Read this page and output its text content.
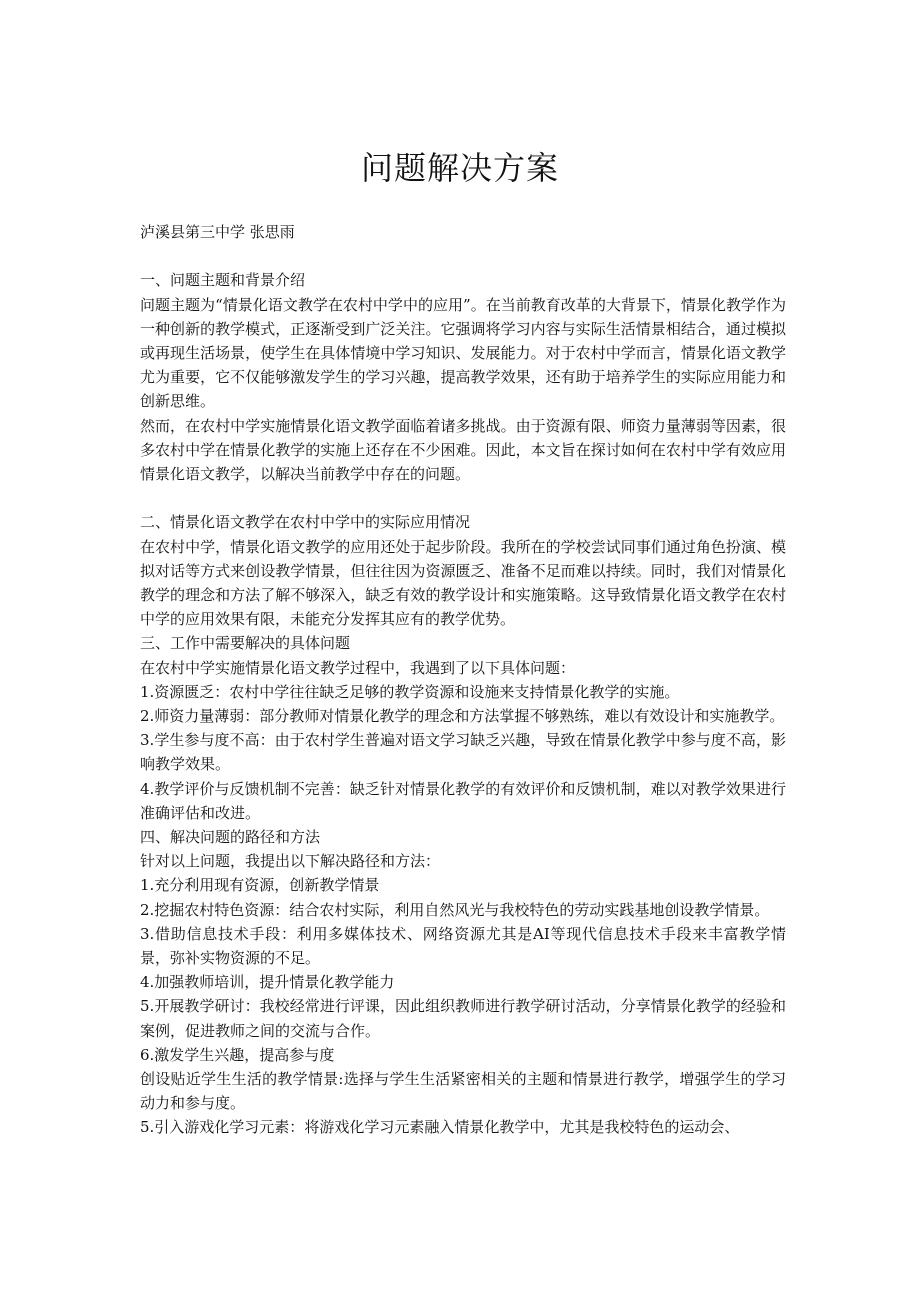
问题解决方案

泸溪县第三中学 张思雨

一、问题主题和背景介绍

问题主题为“情景化语文教学在农村中学中的应用”。在当前教育改革的大背景下，情景化教学作为一种创新的教学模式，正逐渐受到广泛关注。它强调将学习内容与实际生活情景相结合，通过模拟或再现生活场景，使学生在具体情境中学习知识、发展能力。对于农村中学而言，情景化语文教学尤为重要，它不仅能够激发学生的学习兴趣，提高教学效果，还有助于培养学生的实际应用能力和创新思维。

然而，在农村中学实施情景化语文教学面临着诸多挑战。由于资源有限、师资力量薄弱等因素，很多农村中学在情景化教学的实施上还存在不少困难。因此，本文旨在探讨如何在农村中学有效应用情景化语文教学，以解决当前教学中存在的问题。

二、情景化语文教学在农村中学中的实际应用情况

在农村中学，情景化语文教学的应用还处于起步阶段。我所在的学校尝试同事们通过角色扮演、模拟对话等方式来创设教学情景，但往往因为资源匮乏、准备不足而难以持续。同时，我们对情景化教学的理念和方法了解不够深入，缺乏有效的教学设计和实施策略。这导致情景化语文教学在农村中学的应用效果有限，未能充分发挥其应有的教学优势。

三、工作中需要解决的具体问题

在农村中学实施情景化语文教学过程中，我遇到了以下具体问题：

1.资源匮乏：农村中学往往缺乏足够的教学资源和设施来支持情景化教学的实施。

2.师资力量薄弱：部分教师对情景化教学的理念和方法掌握不够熟练，难以有效设计和实施教学。

3.学生参与度不高：由于农村学生普遍对语文学习缺乏兴趣，导致在情景化教学中参与度不高，影响教学效果。

4.教学评价与反馈机制不完善：缺乏针对情景化教学的有效评价和反馈机制，难以对教学效果进行准确评估和改进。

四、解决问题的路径和方法

针对以上问题，我提出以下解决路径和方法：

1.充分利用现有资源，创新教学情景

2.挖掘农村特色资源：结合农村实际，利用自然风光与我校特色的劳动实践基地创设教学情景。

3.借助信息技术手段：利用多媒体技术、网络资源尤其是AI等现代信息技术手段来丰富教学情景，弥补实物资源的不足。

4.加强教师培训，提升情景化教学能力

5.开展教学研讨：我校经常进行评课，因此组织教师进行教学研讨活动，分享情景化教学的经验和案例，促进教师之间的交流与合作。

6.激发学生兴趣，提高参与度

创设贴近学生生活的教学情景:选择与学生生活紧密相关的主题和情景进行教学，增强学生的学习动力和参与度。

5.引入游戏化学习元素：将游戏化学习元素融入情景化教学中，尤其是我校特色的运动会、
